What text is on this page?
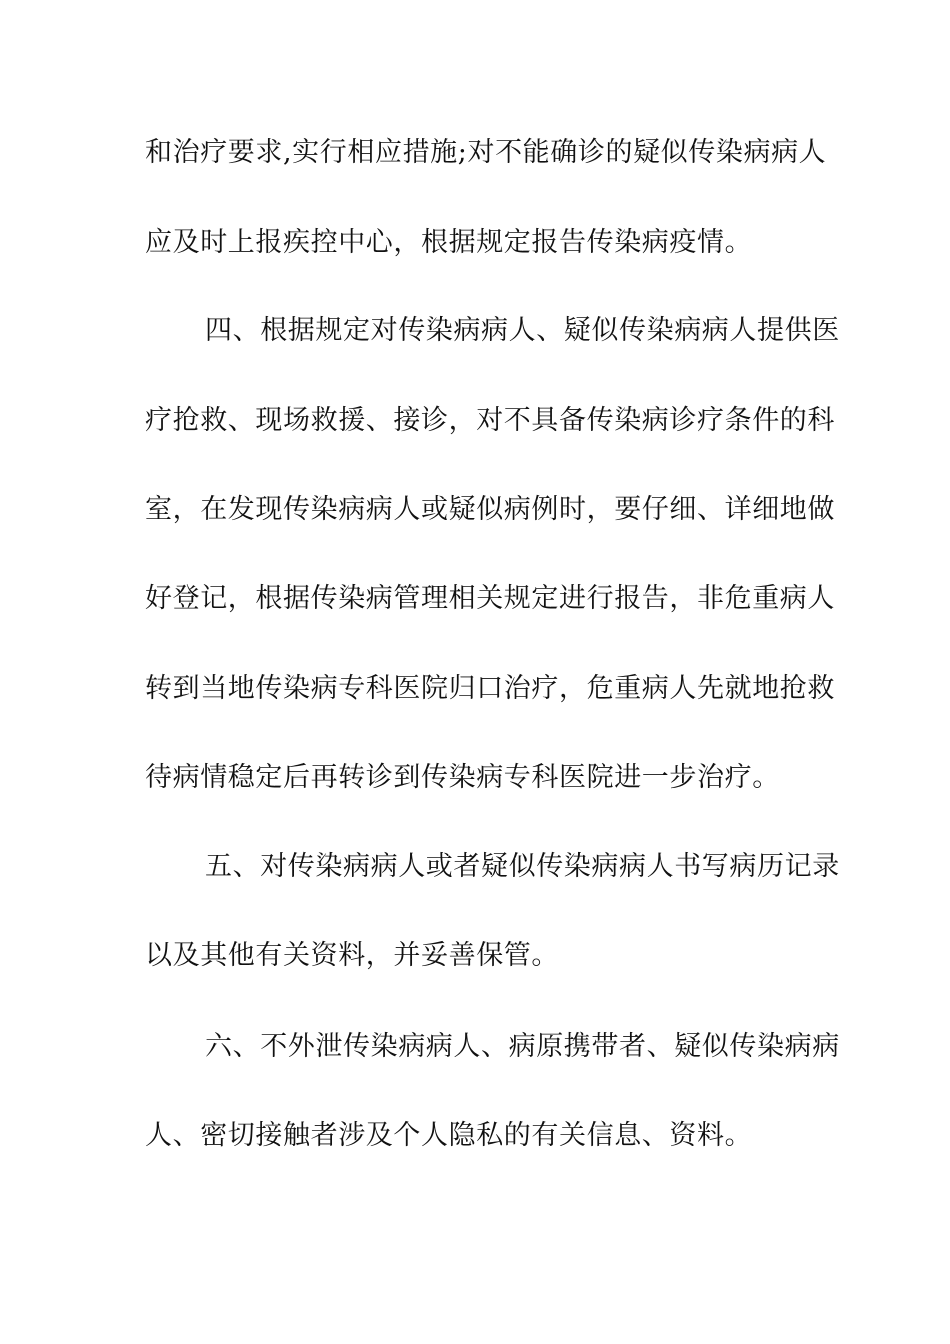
和治疗要求,实行相应措施;对不能确诊的疑似传染病病人
应及时上报疾控中心，根据规定报告传染病疫情。
四、根据规定对传染病病人、疑似传染病病人提供医
疗抢救、现场救援、接诊，对不具备传染病诊疗条件的科
室，在发现传染病病人或疑似病例时，要仔细、详细地做
好登记，根据传染病管理相关规定进行报告，非危重病人
转到当地传染病专科医院归口治疗，危重病人先就地抢救
待病情稳定后再转诊到传染病专科医院进一步治疗。
五、对传染病病人或者疑似传染病病人书写病历记录
以及其他有关资料，并妥善保管。
六、不外泄传染病病人、病原携带者、疑似传染病病
人、密切接触者涉及个人隐私的有关信息、资料。
